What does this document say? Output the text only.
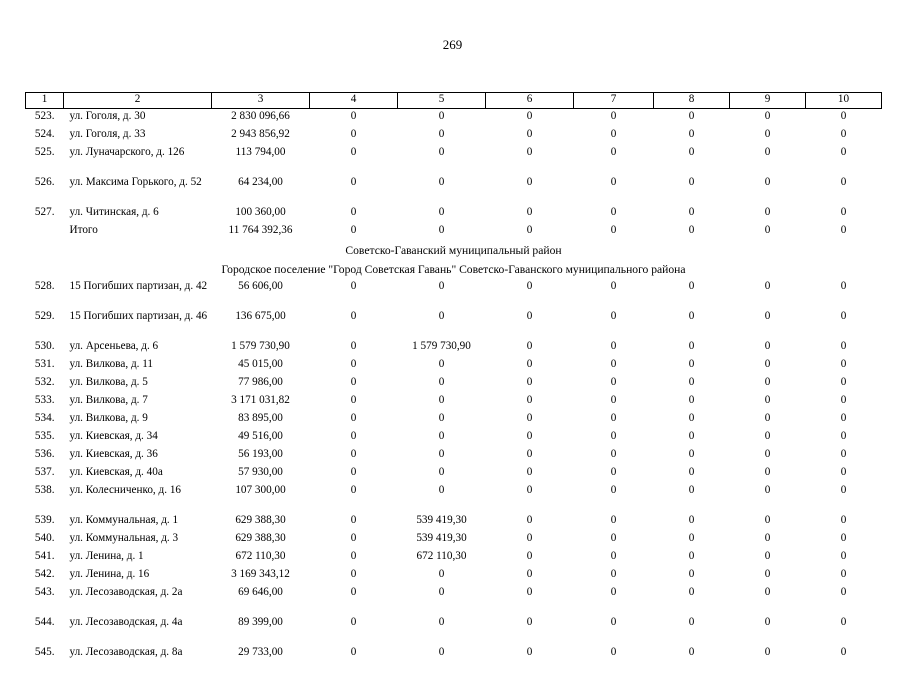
269
1	2	3	4	5	6	7	8	9	10
523.	ул. Гоголя, д. 30	2 830 096,66	0	0	0	0	0	0	0
524.	ул. Гоголя, д. 33	2 943 856,92	0	0	0	0	0	0	0
525.	ул. Луначарского, д. 126	113 794,00	0	0	0	0	0	0	0
526.	ул. Максима Горького, д. 52	64 234,00	0	0	0	0	0	0	0
527.	ул. Читинская, д. 6	100 360,00	0	0	0	0	0	0	0
	Итого	11 764 392,36	0	0	0	0	0	0	0
Советско-Гаванский муниципальный район									
Городское поселение "Город Советская Гавань" Советско-Гаванского муниципального района									
528.	15 Погибших партизан, д. 42	56 606,00	0	0	0	0	0	0	0
529.	15 Погибших партизан, д. 46	136 675,00	0	0	0	0	0	0	0
530.	ул. Арсеньева, д. 6	1 579 730,90	0	1 579 730,90	0	0	0	0	0
531.	ул. Вилкова, д. 11	45 015,00	0	0	0	0	0	0	0
532.	ул. Вилкова, д. 5	77 986,00	0	0	0	0	0	0	0
533.	ул. Вилкова, д. 7	3 171 031,82	0	0	0	0	0	0	0
534.	ул. Вилкова, д. 9	83 895,00	0	0	0	0	0	0	0
535.	ул. Киевская, д. 34	49 516,00	0	0	0	0	0	0	0
536.	ул. Киевская, д. 36	56 193,00	0	0	0	0	0	0	0
537.	ул. Киевская, д. 40а	57 930,00	0	0	0	0	0	0	0
538.	ул. Колесниченко, д. 16	107 300,00	0	0	0	0	0	0	0
539.	ул. Коммунальная, д. 1	629 388,30	0	539 419,30	0	0	0	0	0
540.	ул. Коммунальная, д. 3	629 388,30	0	539 419,30	0	0	0	0	0
541.	ул. Ленина, д. 1	672 110,30	0	672 110,30	0	0	0	0	0
542.	ул. Ленина, д. 16	3 169 343,12	0	0	0	0	0	0	0
543.	ул. Лесозаводская, д. 2а	69 646,00	0	0	0	0	0	0	0
544.	ул. Лесозаводская, д. 4а	89 399,00	0	0	0	0	0	0	0
545.	ул. Лесозаводская, д. 8а	29 733,00	0	0	0	0	0	0	0
